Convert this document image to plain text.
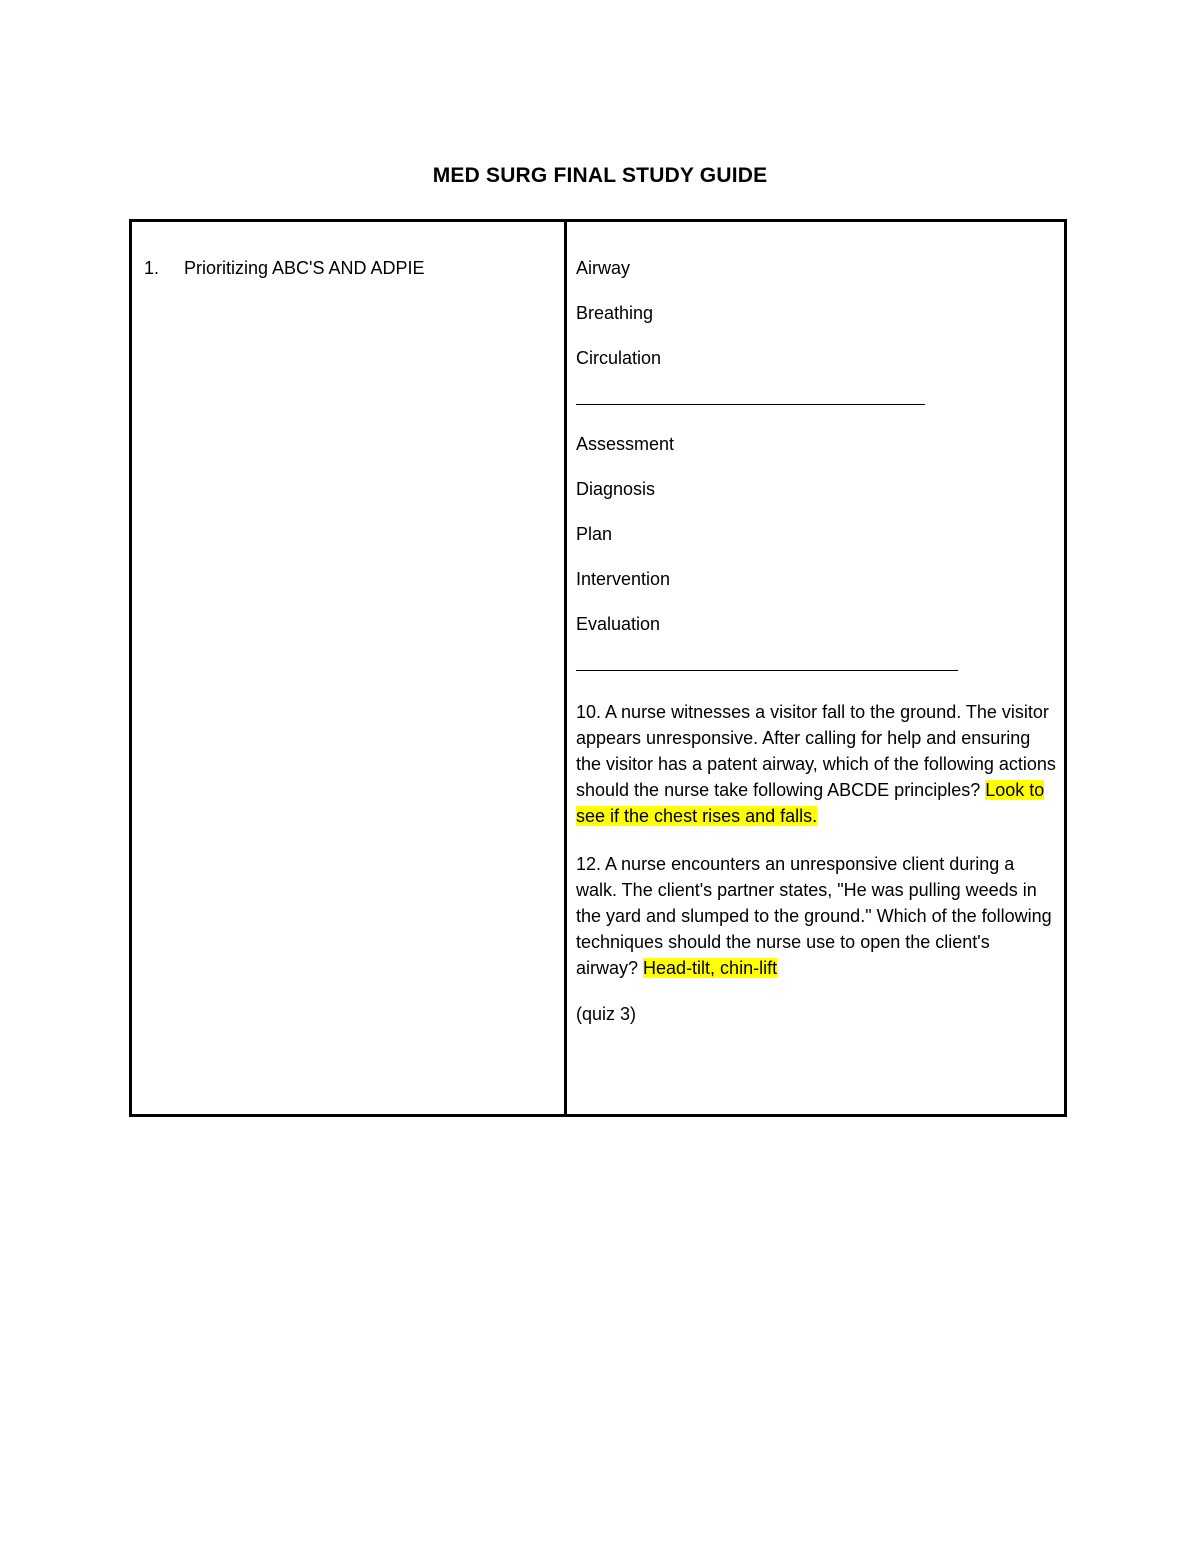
MED SURG FINAL STUDY GUIDE
1. Prioritizing ABC'S AND ADPIE	Airway

Breathing

Circulation

Assessment

Diagnosis

Plan

Intervention

Evaluation

10. A nurse witnesses a visitor fall to the ground. The visitor appears unresponsive. After calling for help and ensuring the visitor has a patent airway, which of the following actions should the nurse take following ABCDE principles? Look to see if the chest rises and falls.

12. A nurse encounters an unresponsive client during a walk. The client's partner states, "He was pulling weeds in the yard and slumped to the ground." Which of the following techniques should the nurse use to open the client's airway? Head-tilt, chin-lift

(quiz 3)
